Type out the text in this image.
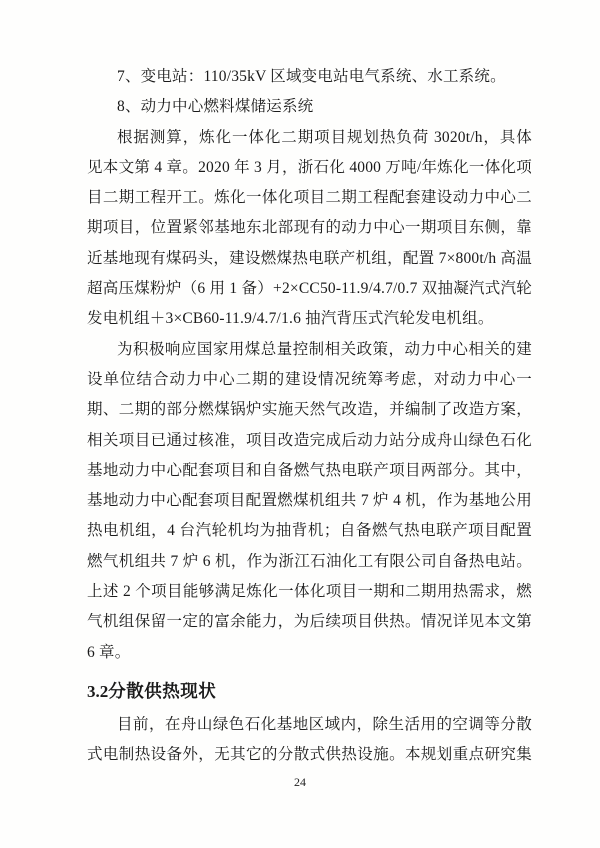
7、变电站：110/35kV 区域变电站电气系统、水工系统。
8、动力中心燃料煤储运系统
根据测算，炼化一体化二期项目规划热负荷 3020t/h，具体
见本文第 4 章。2020 年 3 月，浙石化 4000 万吨/年炼化一体化项
目二期工程开工。炼化一体化项目二期工程配套建设动力中心二
期项目，位置紧邻基地东北部现有的动力中心一期项目东侧，靠
近基地现有煤码头，建设燃煤热电联产机组，配置 7×800t/h 高温
超高压煤粉炉（6 用 1 备）+2×CC50-11.9/4.7/0.7 双抽凝汽式汽轮
发电机组＋3×CB60-11.9/4.7/1.6 抽汽背压式汽轮发电机组。
为积极响应国家用煤总量控制相关政策，动力中心相关的建
设单位结合动力中心二期的建设情况统筹考虑，对动力中心一
期、二期的部分燃煤锅炉实施天然气改造，并编制了改造方案，
相关项目已通过核准，项目改造完成后动力站分成舟山绿色石化
基地动力中心配套项目和自备燃气热电联产项目两部分。其中，
基地动力中心配套项目配置燃煤机组共 7 炉 4 机，作为基地公用
热电机组，4 台汽轮机均为抽背机；自备燃气热电联产项目配置
燃气机组共 7 炉 6 机，作为浙江石油化工有限公司自备热电站。
上述 2 个项目能够满足炼化一体化项目一期和二期用热需求，燃
气机组保留一定的富余能力，为后续项目供热。情况详见本文第
6 章。
3.2分散供热现状
目前，在舟山绿色石化基地区域内，除生活用的空调等分散
式电制热设备外，无其它的分散式供热设施。本规划重点研究集
24
